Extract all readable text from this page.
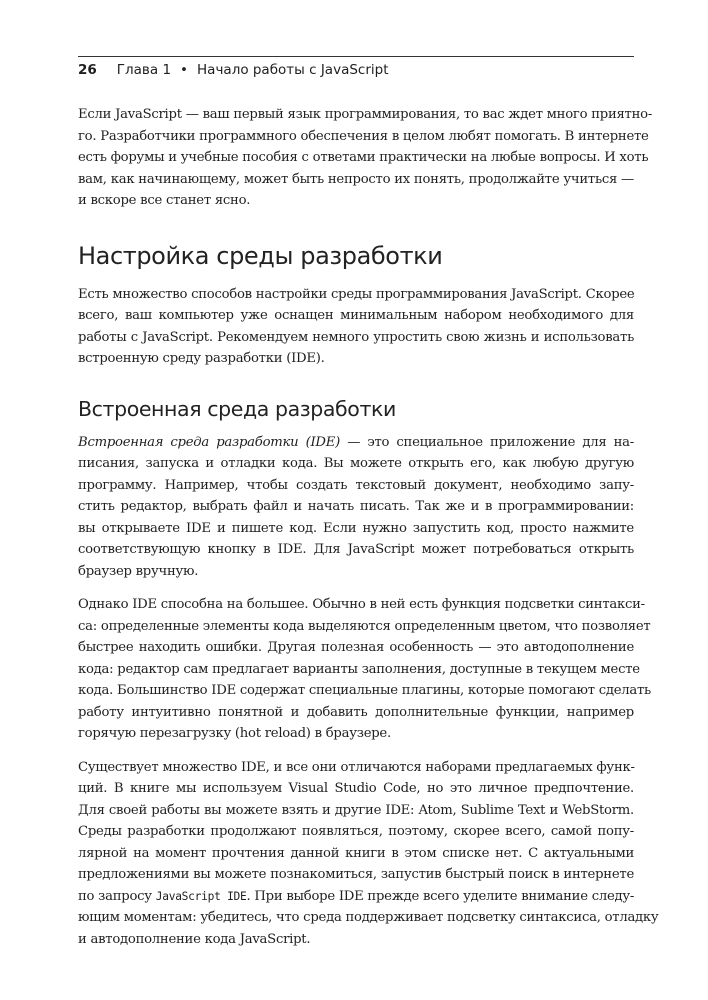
26 Глава 1 • Начало работы с JavaScript

Если JavaScript — ваш первый язык программирования, то вас ждет много приятно-
го. Разработчики программного обеспечения в целом любят помогать. В интернете
есть форумы и учебные пособия с ответами практически на любые вопросы. И хоть
вам, как начинающему, может быть непросто их понять, продолжайте учиться —
и вскоре все станет ясно.

Настройка среды разработки

Есть множество способов настройки среды программирования JavaScript. Скорее
всего, ваш компьютер уже оснащен минимальным набором необходимого для
работы с JavaScript. Рекомендуем немного упростить свою жизнь и использовать
встроенную среду разработки (IDE).

Встроенная среда разработки

Встроенная среда разработки (IDE) — это специальное приложение для на-
писания, запуска и отладки кода. Вы можете открыть его, как любую другую
программу. Например, чтобы создать текстовый документ, необходимо запу-
стить редактор, выбрать файл и начать писать. Так же и в программировании:
вы открываете IDE и пишете код. Если нужно запустить код, просто нажмите
соответствующую кнопку в IDE. Для JavaScript может потребоваться открыть
браузер вручную.

Однако IDE способна на большее. Обычно в ней есть функция подсветки синтакси-
са: определенные элементы кода выделяются определенным цветом, что позволяет
быстрее находить ошибки. Другая полезная особенность — это автодополнение
кода: редактор сам предлагает варианты заполнения, доступные в текущем месте
кода. Большинство IDE содержат специальные плагины, которые помогают сделать
работу интуитивно понятной и добавить дополнительные функции, например
горячую перезагрузку (hot reload) в браузере.

Существует множество IDE, и все они отличаются наборами предлагаемых функ-
ций. В книге мы используем Visual Studio Code, но это личное предпочтение.
Для своей работы вы можете взять и другие IDE: Atom, Sublime Text и WebStorm.
Среды разработки продолжают появляться, поэтому, скорее всего, самой попу-
лярной на момент прочтения данной книги в этом списке нет. С актуальными
предложениями вы можете познакомиться, запустив быстрый поиск в интернете
по запросу JavaScript IDE. При выборе IDE прежде всего уделите внимание следу-
ющим моментам: убедитесь, что среда поддерживает подсветку синтаксиса, отладку
и автодополнение кода JavaScript.
